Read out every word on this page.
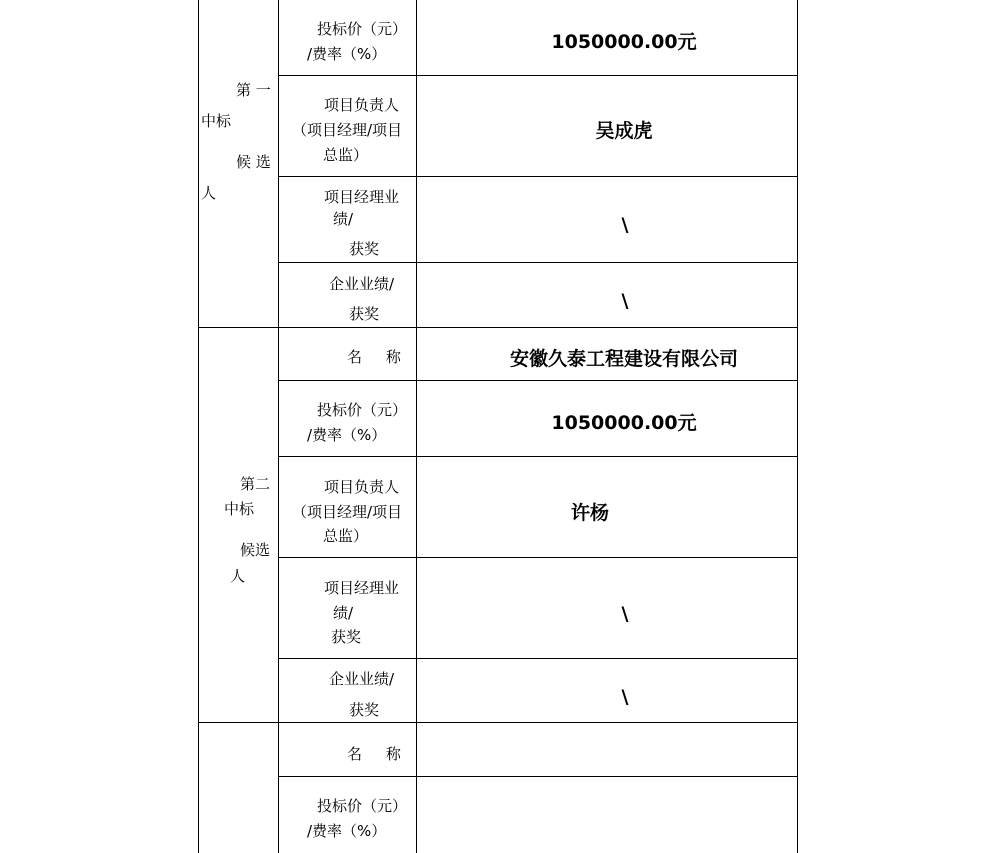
第 一
中标
候 选
人
投标价（元）
/费率（%）
1050000.00元
项目负责人
（项目经理/项目
总监）
吴成虎
项目经理业
绩/
获奖
\
企业业绩/
获奖
\
第二
中标
候选
人
名     称	安徽久泰工程建设有限公司
投标价（元）
/费率（%）
1050000.00元
项目负责人
（项目经理/项目
总监）
许杨
项目经理业
绩/
获奖
\
企业业绩/
获奖
\
名     称
投标价（元）
/费率（%）
